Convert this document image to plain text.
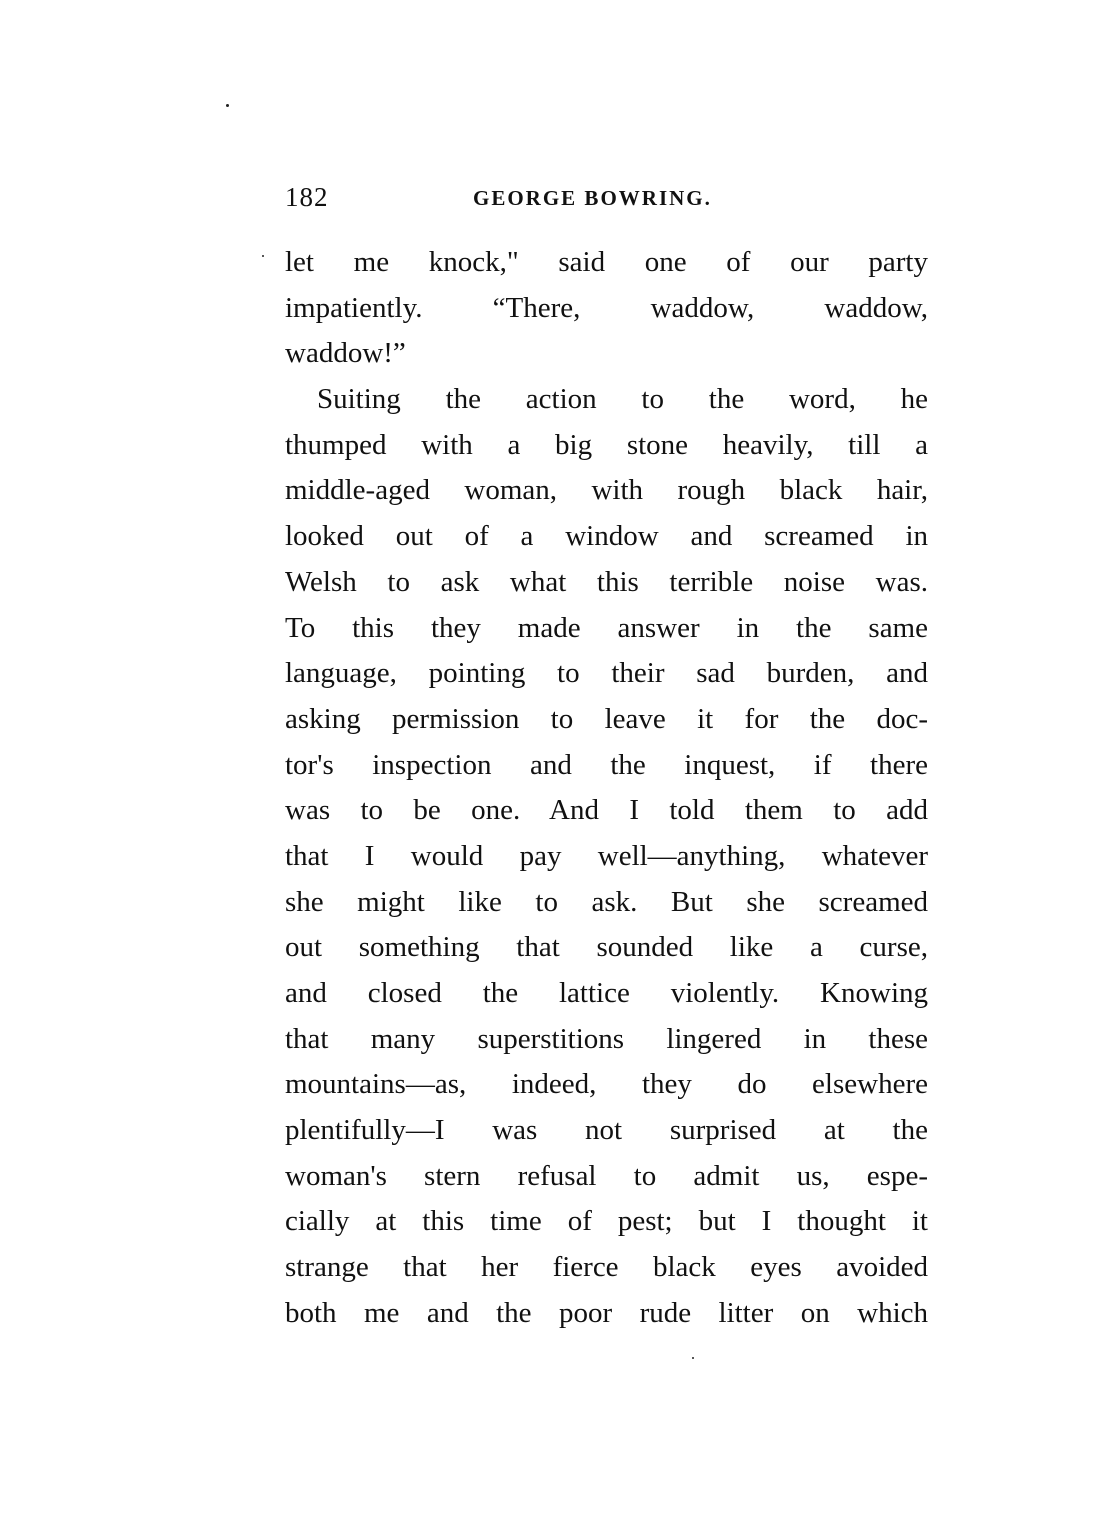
182	GEORGE BOWRING.
let me knock," said one of our party
impatiently. “There, waddow, waddow,
waddow!”
Suiting the action to the word, he
thumped with a big stone heavily, till a
middle-aged woman, with rough black hair,
looked out of a window and screamed in
Welsh to ask what this terrible noise was.
To this they made answer in the same
language, pointing to their sad burden, and
asking permission to leave it for the doc-
tor's inspection and the inquest, if there
was to be one. And I told them to add
that I would pay well—anything, whatever
she might like to ask. But she screamed
out something that sounded like a curse,
and closed the lattice violently. Knowing
that many superstitions lingered in these
mountains—as, indeed, they do elsewhere
plentifully—I was not surprised at the
woman's stern refusal to admit us, espe-
cially at this time of pest; but I thought it
strange that her fierce black eyes avoided
both me and the poor rude litter on which
